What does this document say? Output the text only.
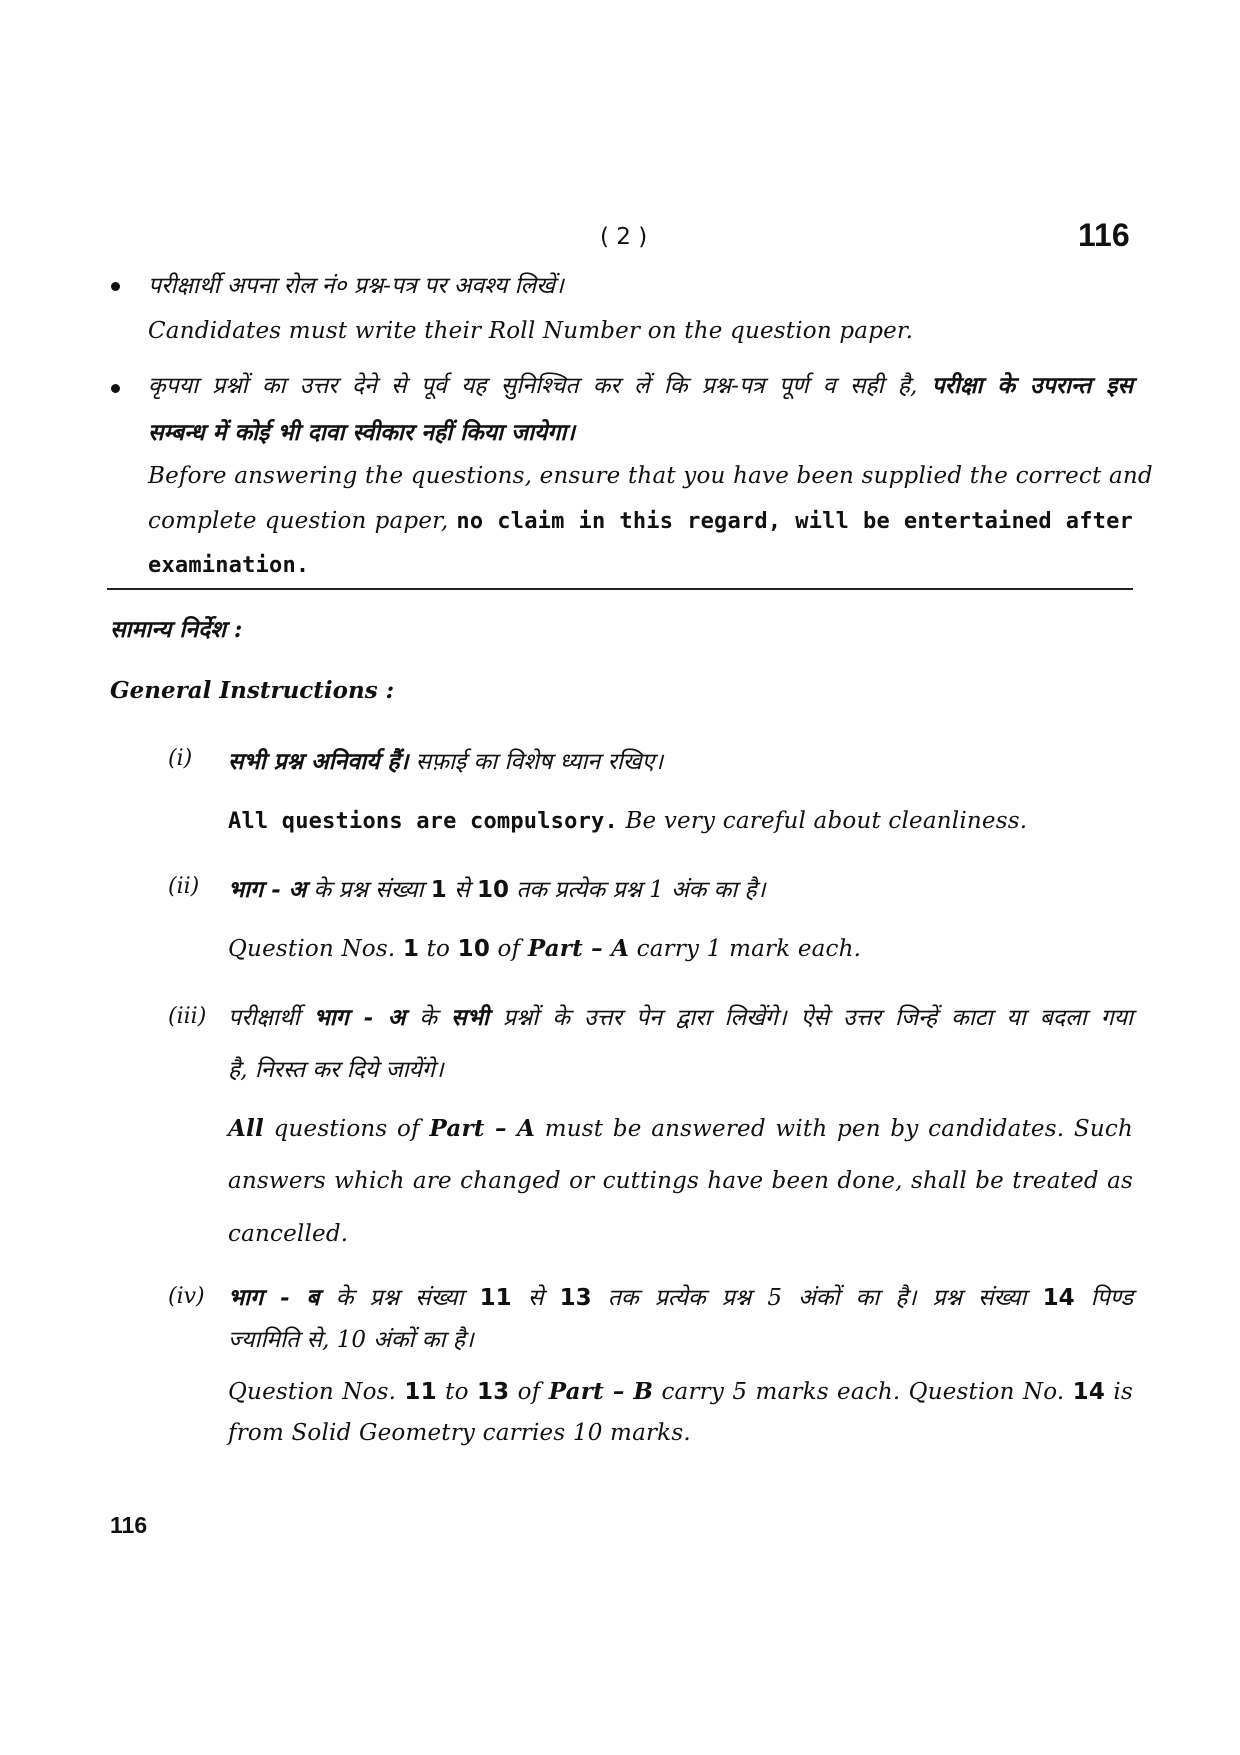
( 2 )	116
परीक्षार्थी अपना रोल नं० प्रश्न-पत्र पर अवश्य लिखें।
Candidates must write their Roll Number on the question paper.
कृपया प्रश्नों का उत्तर देने से पूर्व यह सुनिश्चित कर लें कि प्रश्न-पत्र पूर्ण व सही है, परीक्षा के उपरान्त इस
सम्बन्ध में कोई भी दावा स्वीकार नहीं किया जायेगा।
Before answering the questions, ensure that you have been supplied the correct and
complete question paper, no claim in this regard, will be entertained after
examination.
सामान्य निर्देश :
General Instructions :
(i) सभी प्रश्न अनिवार्य हैं। सफ़ाई का विशेष ध्यान रखिए।
All questions are compulsory. Be very careful about cleanliness.
(ii) भाग - अ के प्रश्न संख्या 1 से 10 तक प्रत्येक प्रश्न 1 अंक का है।
Question Nos. 1 to 10 of Part – A carry 1 mark each.
(iii) परीक्षार्थी भाग - अ के सभी प्रश्नों के उत्तर पेन द्वारा लिखेंगे। ऐसे उत्तर जिन्हें काटा या बदला गया
है, निरस्त कर दिये जायेंगे।
All questions of Part – A must be answered with pen by candidates. Such
answers which are changed or cuttings have been done, shall be treated as
cancelled.
(iv) भाग - ब के प्रश्न संख्या 11 से 13 तक प्रत्येक प्रश्न 5 अंकों का है। प्रश्न संख्या 14 पिण्ड
ज्यामिति से, 10 अंकों का है।
Question Nos. 11 to 13 of Part – B carry 5 marks each. Question No. 14 is
from Solid Geometry carries 10 marks.
116
